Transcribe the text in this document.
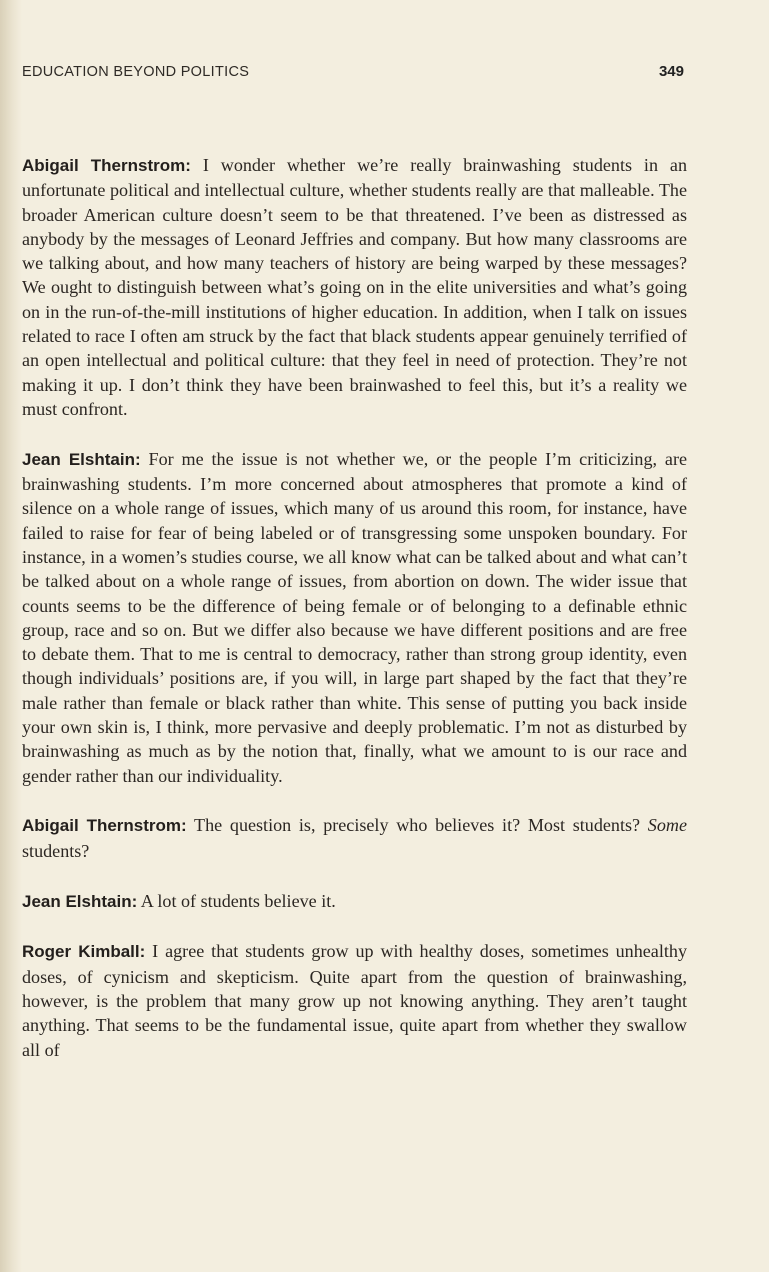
EDUCATION BEYOND POLITICS	349

Abigail Thernstrom: I wonder whether we’re really brainwashing students in an unfortunate political and intellectual culture, whether students really are that malleable. The broader American culture doesn’t seem to be that threatened. I’ve been as distressed as anybody by the messages of Leonard Jeffries and company. But how many classrooms are we talking about, and how many teachers of history are being warped by these messages? We ought to distinguish between what’s going on in the elite universities and what’s going on in the run-of-the-mill institutions of higher education. In addition, when I talk on issues related to race I often am struck by the fact that black students appear genuinely terrified of an open intellectual and political culture: that they feel in need of protection. They’re not making it up. I don’t think they have been brainwashed to feel this, but it’s a reality we must confront.

Jean Elshtain: For me the issue is not whether we, or the people I’m criticizing, are brainwashing students. I’m more concerned about atmospheres that promote a kind of silence on a whole range of issues, which many of us around this room, for instance, have failed to raise for fear of being labeled or of transgressing some unspoken boundary. For instance, in a women’s studies course, we all know what can be talked about and what can’t be talked about on a whole range of issues, from abortion on down. The wider issue that counts seems to be the difference of being female or of belonging to a definable ethnic group, race and so on. But we differ also because we have different positions and are free to debate them. That to me is central to democracy, rather than strong group identity, even though individuals’ positions are, if you will, in large part shaped by the fact that they’re male rather than female or black rather than white. This sense of putting you back inside your own skin is, I think, more pervasive and deeply problematic. I’m not as disturbed by brainwashing as much as by the notion that, finally, what we amount to is our race and gender rather than our individuality.

Abigail Thernstrom: The question is, precisely who believes it? Most students? Some students?

Jean Elshtain: A lot of students believe it.

Roger Kimball: I agree that students grow up with healthy doses, sometimes unhealthy doses, of cynicism and skepticism. Quite apart from the question of brainwashing, however, is the problem that many grow up not knowing anything. They aren’t taught anything. That seems to be the fundamental issue, quite apart from whether they swallow all of
